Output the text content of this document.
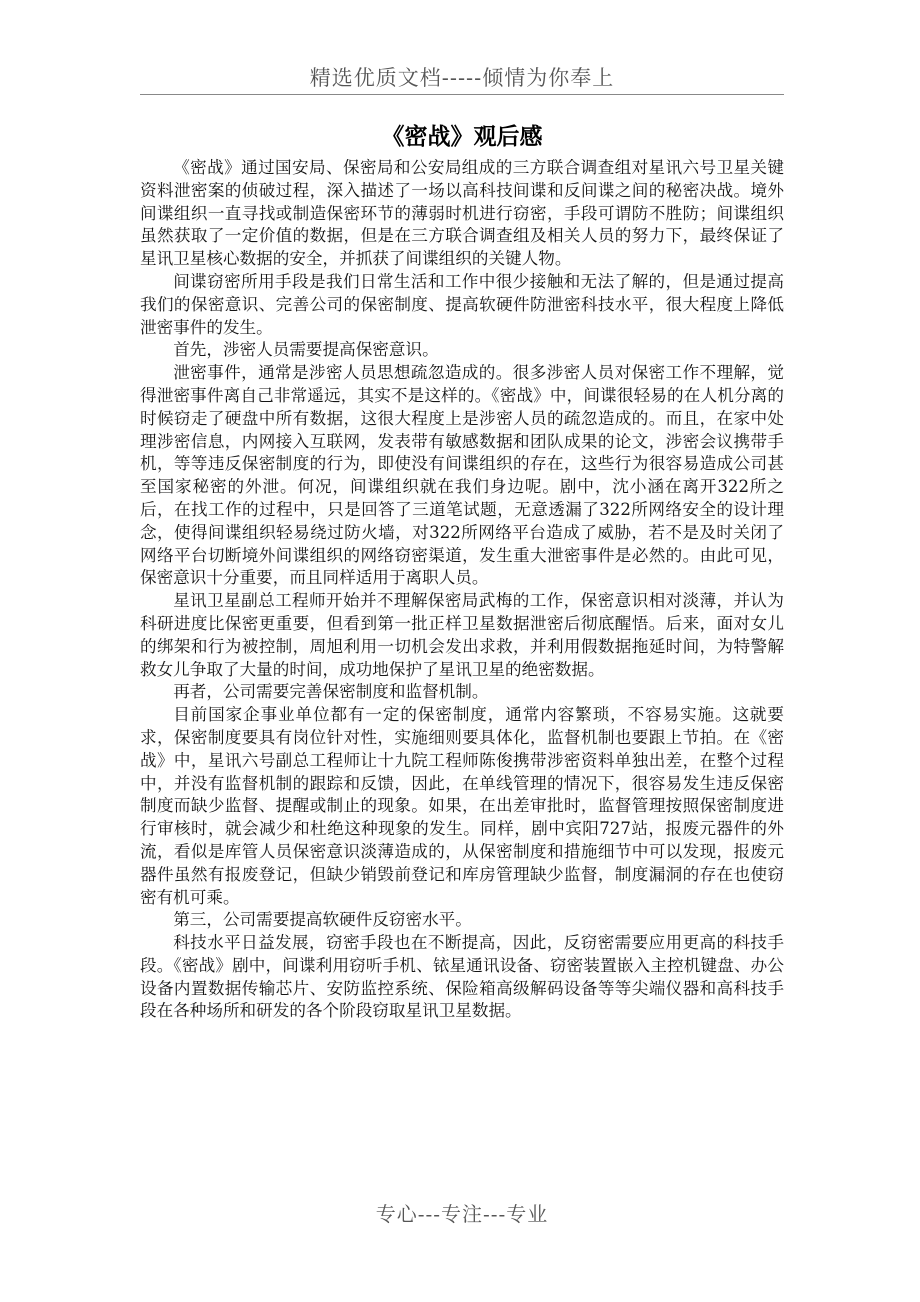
精选优质文档-----倾情为你奉上
《密战》观后感

《密战》通过国安局、保密局和公安局组成的三方联合调查组对星讯六号卫星关键资料泄密案的侦破过程，深入描述了一场以高科技间谍和反间谍之间的秘密决战。境外间谍组织一直寻找或制造保密环节的薄弱时机进行窃密，手段可谓防不胜防；间谍组织虽然获取了一定价值的数据，但是在三方联合调查组及相关人员的努力下，最终保证了星讯卫星核心数据的安全，并抓获了间谍组织的关键人物。

间谍窃密所用手段是我们日常生活和工作中很少接触和无法了解的，但是通过提高我们的保密意识、完善公司的保密制度、提高软硬件防泄密科技水平，很大程度上降低泄密事件的发生。

首先，涉密人员需要提高保密意识。

泄密事件，通常是涉密人员思想疏忽造成的。很多涉密人员对保密工作不理解，觉得泄密事件离自己非常遥远，其实不是这样的。《密战》中，间谍很轻易的在人机分离的时候窃走了硬盘中所有数据，这很大程度上是涉密人员的疏忽造成的。而且，在家中处理涉密信息，内网接入互联网，发表带有敏感数据和团队成果的论文，涉密会议携带手机，等等违反保密制度的行为，即使没有间谍组织的存在，这些行为很容易造成公司甚至国家秘密的外泄。何况，间谍组织就在我们身边呢。剧中，沈小涵在离开322所之后，在找工作的过程中，只是回答了三道笔试题，无意透漏了322所网络安全的设计理念，使得间谍组织轻易绕过防火墙，对322所网络平台造成了威胁，若不是及时关闭了网络平台切断境外间谍组织的网络窃密渠道，发生重大泄密事件是必然的。由此可见，保密意识十分重要，而且同样适用于离职人员。

星讯卫星副总工程师开始并不理解保密局武梅的工作，保密意识相对淡薄，并认为科研进度比保密更重要，但看到第一批正样卫星数据泄密后彻底醒悟。后来，面对女儿的绑架和行为被控制，周旭利用一切机会发出求救，并利用假数据拖延时间，为特警解救女儿争取了大量的时间，成功地保护了星讯卫星的绝密数据。

再者，公司需要完善保密制度和监督机制。

目前国家企事业单位都有一定的保密制度，通常内容繁琐，不容易实施。这就要求，保密制度要具有岗位针对性，实施细则要具体化，监督机制也要跟上节拍。在《密战》中，星讯六号副总工程师让十九院工程师陈俊携带涉密资料单独出差，在整个过程中，并没有监督机制的跟踪和反馈，因此，在单线管理的情况下，很容易发生违反保密制度而缺少监督、提醒或制止的现象。如果，在出差审批时，监督管理按照保密制度进行审核时，就会减少和杜绝这种现象的发生。同样，剧中宾阳727站，报废元器件的外流，看似是库管人员保密意识淡薄造成的，从保密制度和措施细节中可以发现，报废元器件虽然有报废登记，但缺少销毁前登记和库房管理缺少监督，制度漏洞的存在也使窃密有机可乘。

第三，公司需要提高软硬件反窃密水平。

科技水平日益发展，窃密手段也在不断提高，因此，反窃密需要应用更高的科技手段。《密战》剧中，间谍利用窃听手机、铱星通讯设备、窃密装置嵌入主控机键盘、办公设备内置数据传输芯片、安防监控系统、保险箱高级解码设备等等尖端仪器和高科技手段在各种场所和研发的各个阶段窃取星讯卫星数据。

专心---专注---专业
